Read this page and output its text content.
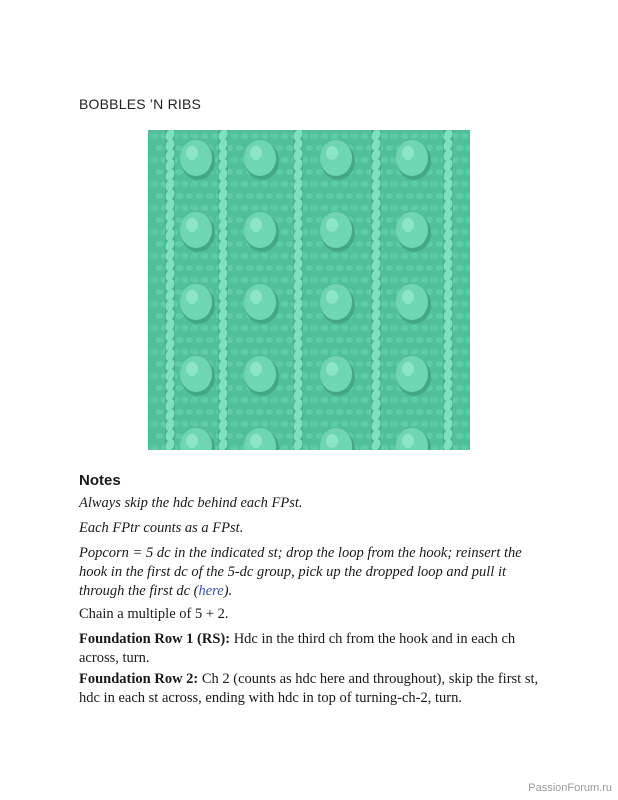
BOBBLES ’N RIBS
Notes
Always skip the hdc behind each FPst.
Each FPtr counts as a FPst.
Popcorn = 5 dc in the indicated st; drop the loop from the hook; reinsert the hook in the first dc of the 5-dc group, pick up the dropped loop and pull it through the first dc (here).
Chain a multiple of 5 + 2.
Foundation Row 1 (RS): Hdc in the third ch from the hook and in each ch across, turn.
Foundation Row 2: Ch 2 (counts as hdc here and throughout), skip the first st, hdc in each st across, ending with hdc in top of turning-ch-2, turn.
PassionForum.ru
